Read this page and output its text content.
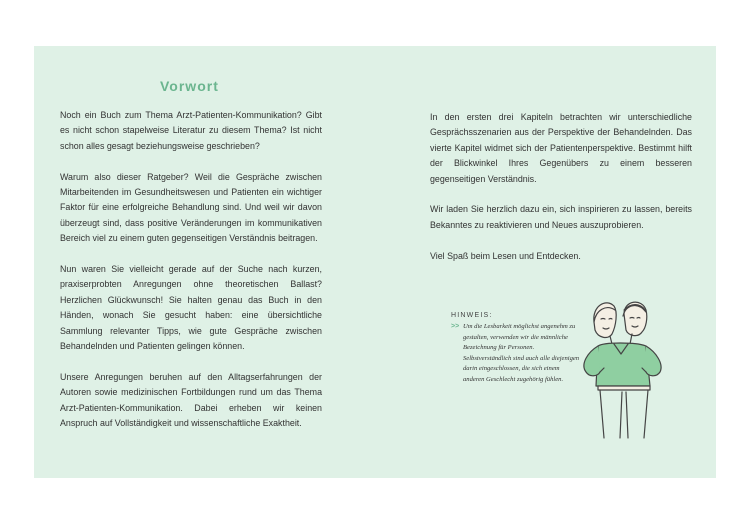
Vorwort

Noch ein Buch zum Thema Arzt-Patienten-Kommunikation? Gibt es nicht schon stapelweise Literatur zu diesem Thema? Ist nicht schon alles gesagt beziehungsweise geschrieben?

Warum also dieser Ratgeber? Weil die Gespräche zwischen Mitarbeitenden im Gesundheitswesen und Patienten ein wichtiger Faktor für eine erfolgreiche Behandlung sind. Und weil wir davon überzeugt sind, dass positive Veränderungen im kommunikativen Bereich viel zu einem guten gegenseitigen Verständnis beitragen.

Nun waren Sie vielleicht gerade auf der Suche nach kurzen, praxiserprobten Anregungen ohne theoretischen Ballast? Herzlichen Glückwunsch! Sie halten genau das Buch in den Händen, wonach Sie gesucht haben: eine übersichtliche Sammlung relevanter Tipps, wie gute Gespräche zwischen Behandelnden und Patienten gelingen können.

Unsere Anregungen beruhen auf den Alltagserfahrungen der Autoren sowie medizinischen Fortbildungen rund um das Thema Arzt-Patienten-Kommunikation. Dabei erheben wir keinen Anspruch auf Vollständigkeit und wissenschaftliche Exaktheit.

In den ersten drei Kapiteln betrachten wir unterschiedliche Gesprächsszenarien aus der Perspektive der Behandelnden. Das vierte Kapitel widmet sich der Patientenperspektive. Bestimmt hilft der Blickwinkel Ihres Gegenübers zu einem besseren gegenseitigen Verständnis.

Wir laden Sie herzlich dazu ein, sich inspirieren zu lassen, bereits Bekanntes zu reaktivieren und Neues auszuprobieren.

Viel Spaß beim Lesen und Entdecken.

HINWEIS:
>> Um die Lesbarkeit möglichst angenehm zu gestalten, verwenden wir die männliche Bezeichnung für Personen. Selbstverständlich sind auch alle diejenigen darin eingeschlossen, die sich einem anderen Geschlecht zugehörig fühlen.
